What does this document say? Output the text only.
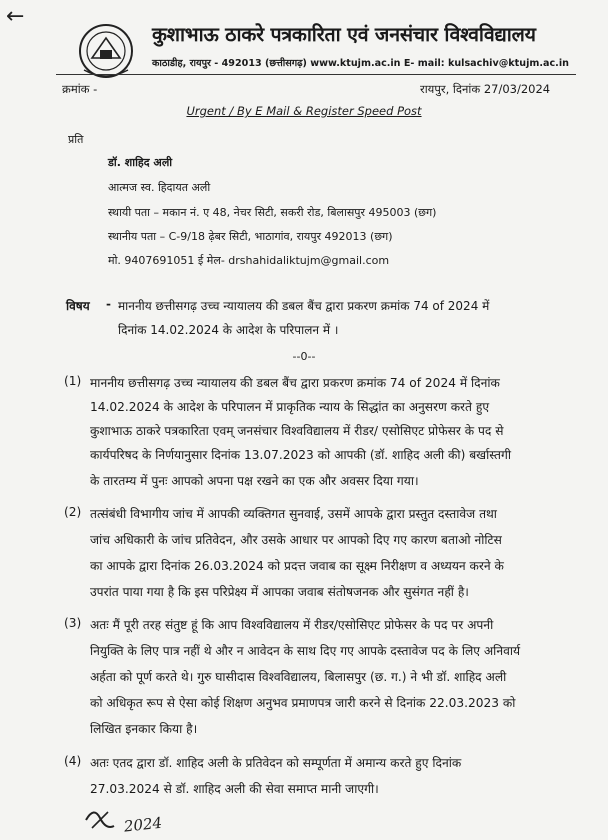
←
कुशाभाऊ ठाकरे पत्रकारिता एवं जनसंचार विश्वविद्यालय
काठाडीह, रायपुर - 492013 (छत्तीसगढ़) www.ktujm.ac.in E- mail: kulsachiv@ktujm.ac.in
क्रमांक -	रायपुर, दिनांक 27/03/2024
Urgent / By E Mail & Register Speed Post
प्रति
डॉ. शाहिद अली
आत्मज स्व. हिदायत अली
स्थायी पता – मकान नं. ए 48, नेचर सिटी, सकरी रोड, बिलासपुर 495003 (छग)
स्थानीय पता – C-9/18 ढ़ेबर सिटी, भाठागांव, रायपुर 492013 (छग)
मो. 9407691051 ई मेल- drshahidaliktujm@gmail.com
विषय - माननीय छत्तीसगढ़ उच्च न्यायालय की डबल बैंच द्वारा प्रकरण क्रमांक 74 of 2024 में
दिनांक 14.02.2024 के आदेश के परिपालन में ।
--0--
(1) माननीय छत्तीसगढ़ उच्च न्यायालय की डबल बैंच द्वारा प्रकरण क्रमांक 74 of 2024 में दिनांक
14.02.2024 के आदेश के परिपालन में प्राकृतिक न्याय के सिद्धांत का अनुसरण करते हुए
कुशाभाऊ ठाकरे पत्रकारिता एवम् जनसंचार विश्वविद्यालय में रीडर/ एसोसिएट प्रोफेसर के पद से
कार्यपरिषद के निर्णयानुसार दिनांक 13.07.2023 को आपकी (डॉ. शाहिद अली की) बर्खास्तगी
के तारतम्य में पुनः आपको अपना पक्ष रखने का एक और अवसर दिया गया।
(2) तत्संबंधी विभागीय जांच में आपकी व्यक्तिगत सुनवाई, उसमें आपके द्वारा प्रस्तुत दस्तावेज तथा
जांच अधिकारी के जांच प्रतिवेदन, और उसके आधार पर आपको दिए गए कारण बताओ नोटिस
का आपके द्वारा दिनांक 26.03.2024 को प्रदत्त जवाब का सूक्ष्म निरीक्षण व अध्ययन करने के
उपरांत पाया गया है कि इस परिप्रेक्ष्य में आपका जवाब संतोषजनक और सुसंगत नहीं है।
(3) अतः मैं पूरी तरह संतुष्ट हूं कि आप विश्वविद्यालय में रीडर/एसोसिएट प्रोफेसर के पद पर अपनी
नियुक्ति के लिए पात्र नहीं थे और न आवेदन के साथ दिए गए आपके दस्तावेज पद के लिए अनिवार्य
अर्हता को पूर्ण करते थे। गुरु घासीदास विश्वविद्यालय, बिलासपुर (छ. ग.) ने भी डॉ. शाहिद अली
को अधिकृत रूप से ऐसा कोई शिक्षण अनुभव प्रमाणपत्र जारी करने से दिनांक 22.03.2023 को
लिखित इनकार किया है।
(4) अतः एतद द्वारा डॉ. शाहिद अली के प्रतिवेदन को सम्पूर्णता में अमान्य करते हुए दिनांक
27.03.2024 से डॉ. शाहिद अली की सेवा समाप्त मानी जाएगी।
2024
